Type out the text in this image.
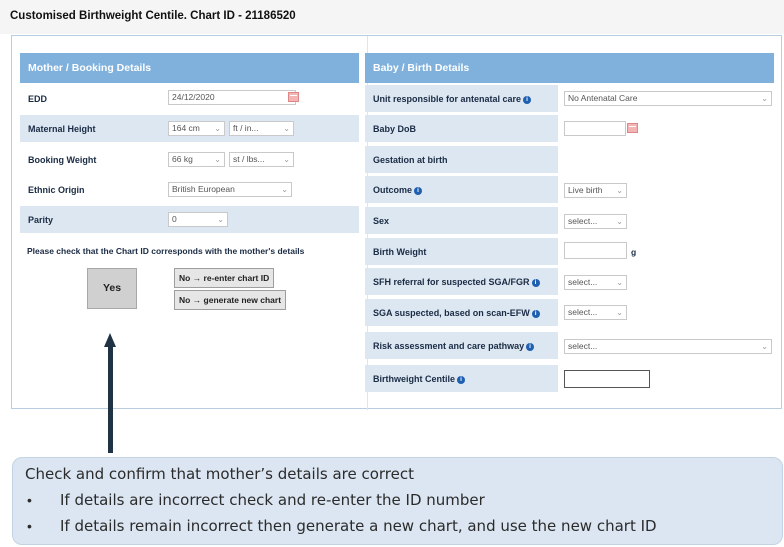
Customised Birthweight Centile. Chart ID - 21186520
Mother / Booking Details
EDD	24/12/2020
Maternal Height	164 cm ⌄	ft / in...	⌄
Booking Weight	66 kg	⌄	st / lbs... ⌄
Ethnic Origin	British European	⌄
Parity	0	⌄
Baby / Birth Details
Unit responsible for antenatal care i	No Antenatal Care	⌄
Baby DoB
Gestation at birth
Outcome i	Live birth ⌄
Sex	select... ⌄
Birth Weight	g
SFH referral for suspected SGA/FGR i	select... ⌄
SGA suspected, based on scan-EFW i	select... ⌄
Risk assessment and care pathway i	select...	⌄
Birthweight Centile i
Please check that the Chart ID corresponds with the mother's details
Yes
No → re-enter chart ID
No → generate new chart
Check and confirm that mother’s details are correct
• If details are incorrect check and re-enter the ID number
• If details remain incorrect then generate a new chart, and use the new chart ID
